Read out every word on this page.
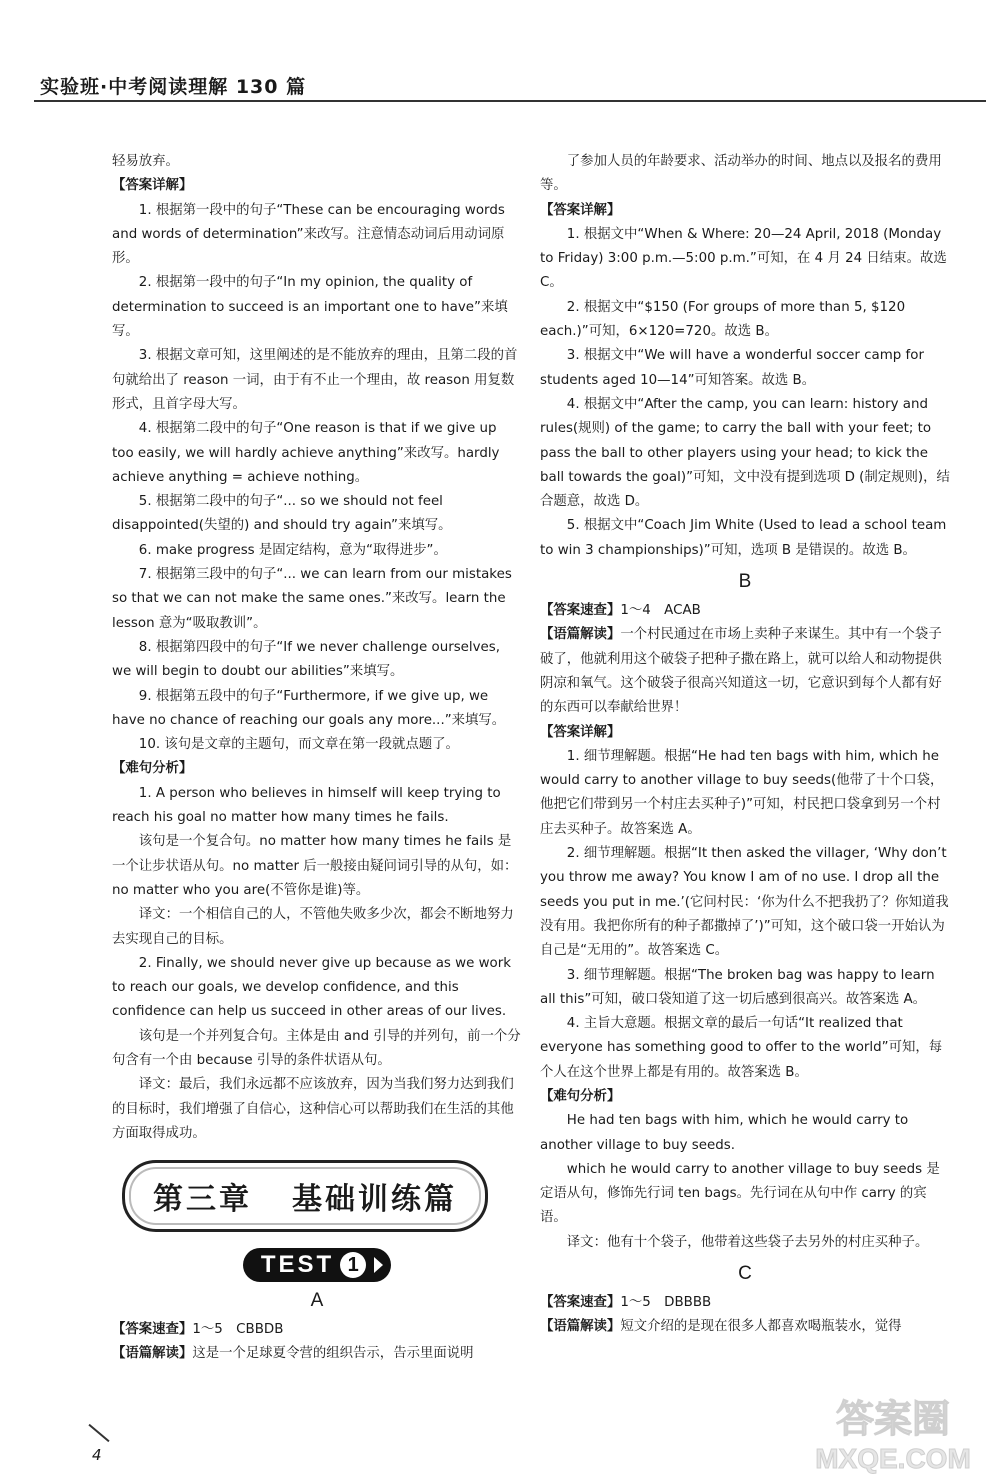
实验班·中考阅读理解 130 篇

轻易放弃。

【答案详解】

1. 根据第一段中的句子“These can be encouraging words and words of determination”来改写。注意情态动词后用动词原形。

2. 根据第一段中的句子“In my opinion, the quality of determination to succeed is an important one to have”来填写。

3. 根据文章可知，这里阐述的是不能放弃的理由，且第二段的首句就给出了 reason 一词，由于有不止一个理由，故 reason 用复数形式，且首字母大写。

4. 根据第二段中的句子“One reason is that if we give up too easily, we will hardly achieve anything”来改写。hardly achieve anything = achieve nothing。

5. 根据第二段中的句子“... so we should not feel disappointed(失望的) and should try again”来填写。

6. make progress 是固定结构，意为“取得进步”。

7. 根据第三段中的句子“... we can learn from our mistakes so that we can not make the same ones.”来改写。learn the lesson 意为“吸取教训”。

8. 根据第四段中的句子“If we never challenge ourselves, we will begin to doubt our abilities”来填写。

9. 根据第五段中的句子“Furthermore, if we give up, we have no chance of reaching our goals any more...”来填写。

10. 该句是文章的主题句，而文章在第一段就点题了。

【难句分析】

1. A person who believes in himself will keep trying to reach his goal no matter how many times he fails.

该句是一个复合句。no matter how many times he fails 是一个让步状语从句。no matter 后一般接由疑问词引导的从句，如：no matter who you are(不管你是谁)等。

译文：一个相信自己的人，不管他失败多少次，都会不断地努力去实现自己的目标。

2. Finally, we should never give up because as we work to reach our goals, we develop confidence, and this confidence can help us succeed in other areas of our lives.

该句是一个并列复合句。主体是由 and 引导的并列句，前一个分句含有一个由 because 引导的条件状语从句。

译文：最后，我们永远都不应该放弃，因为当我们努力达到我们的目标时，我们增强了自信心，这种信心可以帮助我们在生活的其他方面取得成功。

第三章 基础训练篇
TEST 1
A

【答案速查】1～5　CBBDB

【语篇解读】这是一个足球夏令营的组织告示，告示里面说明

了参加人员的年龄要求、活动举办的时间、地点以及报名的费用等。

【答案详解】

1. 根据文中“When & Where: 20—24 April, 2018 (Monday to Friday) 3:00 p.m.—5:00 p.m.”可知，在 4 月 24 日结束。故选 C。

2. 根据文中“$150 (For groups of more than 5, $120 each.)”可知，6×120=720。故选 B。

3. 根据文中“We will have a wonderful soccer camp for students aged 10—14”可知答案。故选 B。

4. 根据文中“After the camp, you can learn: history and rules(规则) of the game; to carry the ball with your feet; to pass the ball to other players using your head; to kick the ball towards the goal)”可知，文中没有提到选项 D (制定规则)，结合题意，故选 D。

5. 根据文中“Coach Jim White (Used to lead a school team to win 3 championships)”可知，选项 B 是错误的。故选 B。

B

【答案速查】1～4　ACAB

【语篇解读】一个村民通过在市场上卖种子来谋生。其中有一个袋子破了，他就利用这个破袋子把种子撒在路上，就可以给人和动物提供阴凉和氧气。这个破袋子很高兴知道这一切，它意识到每个人都有好的东西可以奉献给世界！

【答案详解】

1. 细节理解题。根据“He had ten bags with him, which he would carry to another village to buy seeds(他带了十个口袋，他把它们带到另一个村庄去买种子)”可知，村民把口袋拿到另一个村庄去买种子。故答案选 A。

2. 细节理解题。根据“It then asked the villager, ‘Why don’t you throw me away? You know I am of no use. I drop all the seeds you put in me.’(它问村民：‘你为什么不把我扔了？你知道我没有用。我把你所有的种子都撒掉了’)”可知，这个破口袋一开始认为自己是“无用的”。故答案选 C。

3. 细节理解题。根据“The broken bag was happy to learn all this”可知，破口袋知道了这一切后感到很高兴。故答案选 A。

4. 主旨大意题。根据文章的最后一句话“It realized that everyone has something good to offer to the world”可知，每个人在这个世界上都是有用的。故答案选 B。

【难句分析】

He had ten bags with him, which he would carry to another village to buy seeds.

which he would carry to another village to buy seeds 是定语从句，修饰先行词 ten bags。先行词在从句中作 carry 的宾语。

译文：他有十个袋子，他带着这些袋子去另外的村庄买种子。

C

【答案速查】1～5　DBBBB

【语篇解读】短文介绍的是现在很多人都喜欢喝瓶装水，觉得

4
答案圈
MXQE.COM
